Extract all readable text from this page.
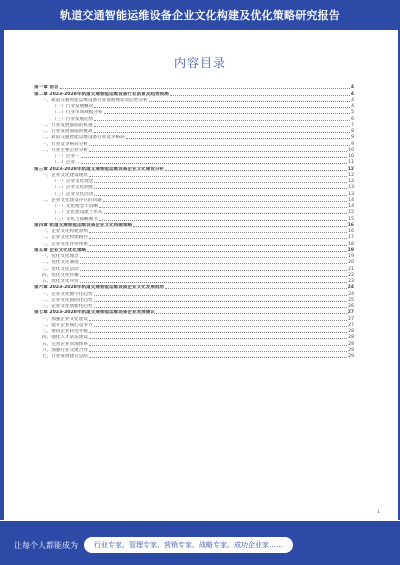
轨道交通智能运维设备企业文化构建及优化策略研究报告
内容目录
第一章 前言	4
第二章 2023-2028年轨道交通智能运维设备行业前景及趋势预测	4
一、轨道交通智能运维设备行业发展现状及趋势分析	4
（一）行业发展概况	4
（二）行业市场规模分析	5
（三）行业发展趋势	6
二、行业发展面临的机遇	7
三、行业发展面临的挑战	8
二、轨道交通智能运维设备行业竞争格局	9
一、行业竞争格局分析	9
二、行业主要企业分析	10
（一）企业一	10
（二）企业二	11
第三章 2023-2028年轨道交通智能运维设备企业文化建设分析	12
一、企业文化建设现状	12
（一）企业文化理念	12
（二）企业文化制度	13
（三）企业文化活动	13
二、企业文化建设存在的问题	14
（一）文化理念不清晰	14
（二）文化建设流于形式	15
（三）文化与战略脱节	15
第四章 轨道交通智能运维设备企业文化构建策略	16
一、企业文化构建原则	16
二、企业文化构建路径	17
三、企业文化评价体系	18
第五章 企业文化优化策略	19
一、优化文化理念	19
二、优化文化制度	20
三、优化文化活动	21
四、优化文化传播	22
五、优化文化评价	23
第六章 2023-2028年轨道交通智能运维设备企业文化发展趋势	24
一、企业文化数字化趋势	24
二、企业文化国际化趋势	25
三、企业文化创新化趋势	26
第七章 2023-2028年轨道交通智能运维设备企业发展建议	27
一、加强企业文化建设	27
二、提升企业核心竞争力	27
三、推动企业转型升级	28
四、强化人才队伍建设	28
五、完善企业管理体系	28
六、加强行业交流合作	29
七、行业发展建议总结	29
1
让每个人都能成为 行业专家、管理专家、营销专家、战略专家、成功企业家……
